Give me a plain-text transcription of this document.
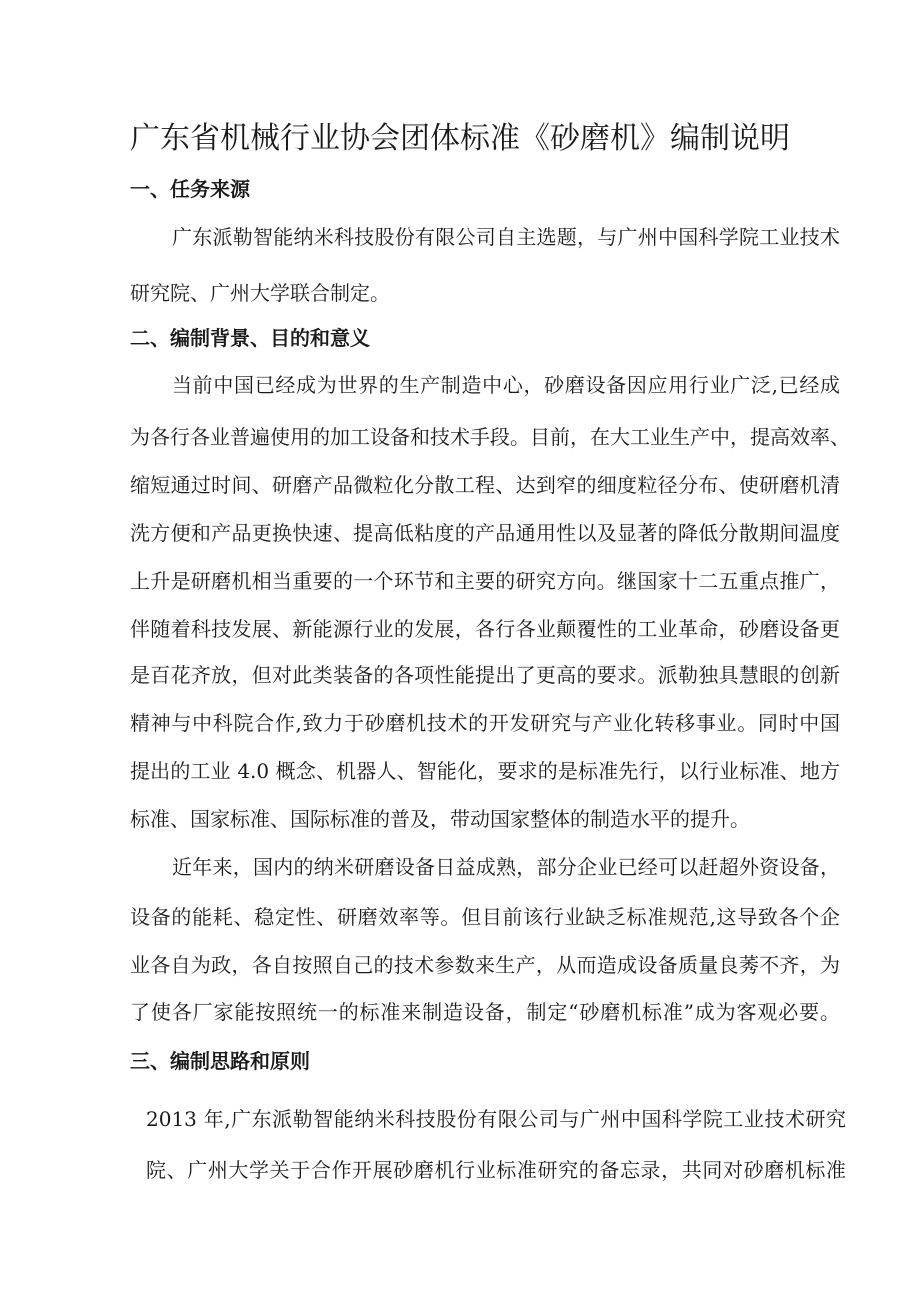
广东省机械行业协会团体标准《砂磨机》编制说明
一、任务来源
广东派勒智能纳米科技股份有限公司自主选题，与广州中国科学院工业技术
研究院、广州大学联合制定。
二、编制背景、目的和意义
当前中国已经成为世界的生产制造中心，砂磨设备因应用行业广泛,已经成
为各行各业普遍使用的加工设备和技术手段。目前，在大工业生产中，提高效率、
缩短通过时间、研磨产品微粒化分散工程、达到窄的细度粒径分布、使研磨机清
洗方便和产品更换快速、提高低粘度的产品通用性以及显著的降低分散期间温度
上升是研磨机相当重要的一个环节和主要的研究方向。继国家十二五重点推广，
伴随着科技发展、新能源行业的发展，各行各业颠覆性的工业革命，砂磨设备更
是百花齐放，但对此类装备的各项性能提出了更高的要求。派勒独具慧眼的创新
精神与中科院合作,致力于砂磨机技术的开发研究与产业化转移事业。同时中国
提出的工业 4.0 概念、机器人、智能化，要求的是标准先行，以行业标准、地方
标准、国家标准、国际标准的普及，带动国家整体的制造水平的提升。
近年来，国内的纳米研磨设备日益成熟，部分企业已经可以赶超外资设备，
设备的能耗、稳定性、研磨效率等。但目前该行业缺乏标准规范,这导致各个企
业各自为政，各自按照自己的技术参数来生产，从而造成设备质量良莠不齐，为
了使各厂家能按照统一的标准来制造设备，制定“砂磨机标准”成为客观必要。
三、编制思路和原则
2013 年,广东派勒智能纳米科技股份有限公司与广州中国科学院工业技术研究
院、广州大学关于合作开展砂磨机行业标准研究的备忘录，共同对砂磨机标准
